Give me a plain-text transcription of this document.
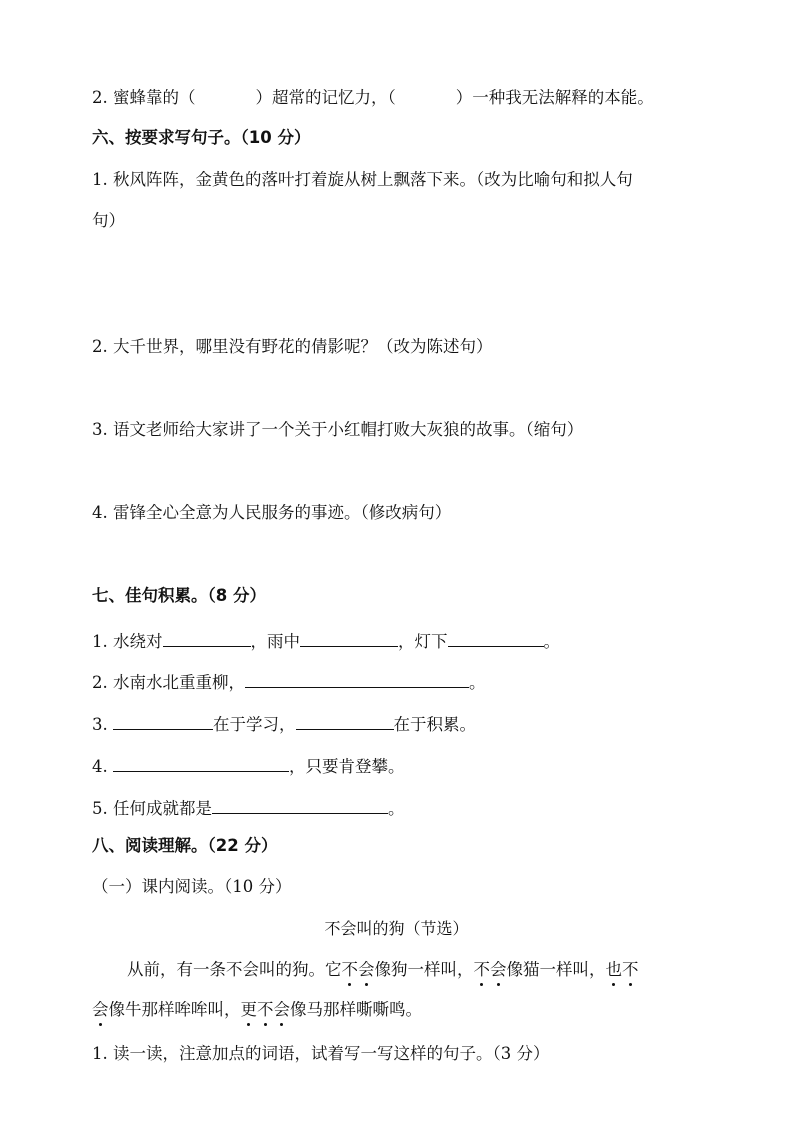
2. 蜜蜂靠的（	）超常的记忆力，（	）一种我无法解释的本能。
六、按要求写句子。（10 分）
1. 秋风阵阵，金黄色的落叶打着旋从树上飘落下来。（改为比喻句和拟人句
句）
2. 大千世界，哪里没有野花的倩影呢？（改为陈述句）
3. 语文老师给大家讲了一个关于小红帽打败大灰狼的故事。（缩句）
4. 雷锋全心全意为人民服务的事迹。（修改病句）
七、佳句积累。（8 分）
1. 水绕对	，雨中	，灯下	。
2. 水南水北重重柳，	。
3.	在于学习，	在于积累。
4.	，只要肯登攀。
5. 任何成就都是	。
八、阅读理解。（22 分）
（一）课内阅读。（10 分）
不会叫的狗（节选）
从前，有一条不会叫的狗。它不会像狗一样叫，不会像猫一样叫，也不
会像牛那样哞哞叫，更不会像马那样嘶嘶鸣。
1. 读一读，注意加点的词语，试着写一写这样的句子。（3 分）
